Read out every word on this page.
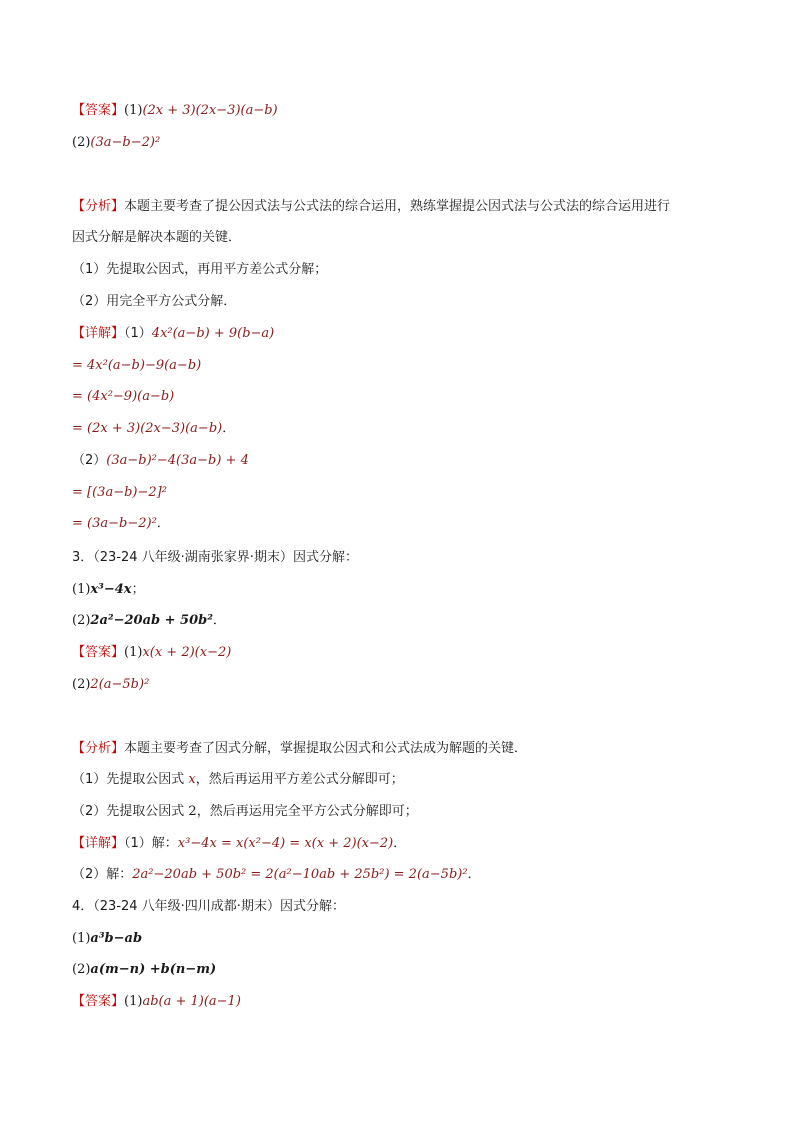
【答案】(1)(2x + 3)(2x−3)(a−b)
(2)(3a−b−2)²
【分析】本题主要考查了提公因式法与公式法的综合运用，熟练掌握提公因式法与公式法的综合运用进行
因式分解是解决本题的关键．
（1）先提取公因式，再用平方差公式分解；
（2）用完全平方公式分解．
【详解】（1）4x²(a−b) + 9(b−a)
= 4x²(a−b)−9(a−b)
= (4x²−9)(a−b)
= (2x + 3)(2x−3)(a−b)．
（2）(3a−b)²−4(3a−b) + 4
= [(3a−b)−2]²
= (3a−b−2)²．
3．（23-24 八年级·湖南张家界·期末）因式分解：
(1)x³−4x；
(2)2a²−20ab + 50b²．
【答案】(1)x(x + 2)(x−2)
(2)2(a−5b)²
【分析】本题主要考查了因式分解，掌握提取公因式和公式法成为解题的关键．
（1）先提取公因式 x，然后再运用平方差公式分解即可；
（2）先提取公因式 2，然后再运用完全平方公式分解即可；
【详解】（1）解：x³−4x = x(x²−4) = x(x + 2)(x−2)．
（2）解：2a²−20ab + 50b² = 2(a²−10ab + 25b²) = 2(a−5b)²．
4．（23-24 八年级·四川成都·期末）因式分解：
(1)a³b−ab
(2)a(m−n) +b(n−m)
【答案】(1)ab(a + 1)(a−1)
